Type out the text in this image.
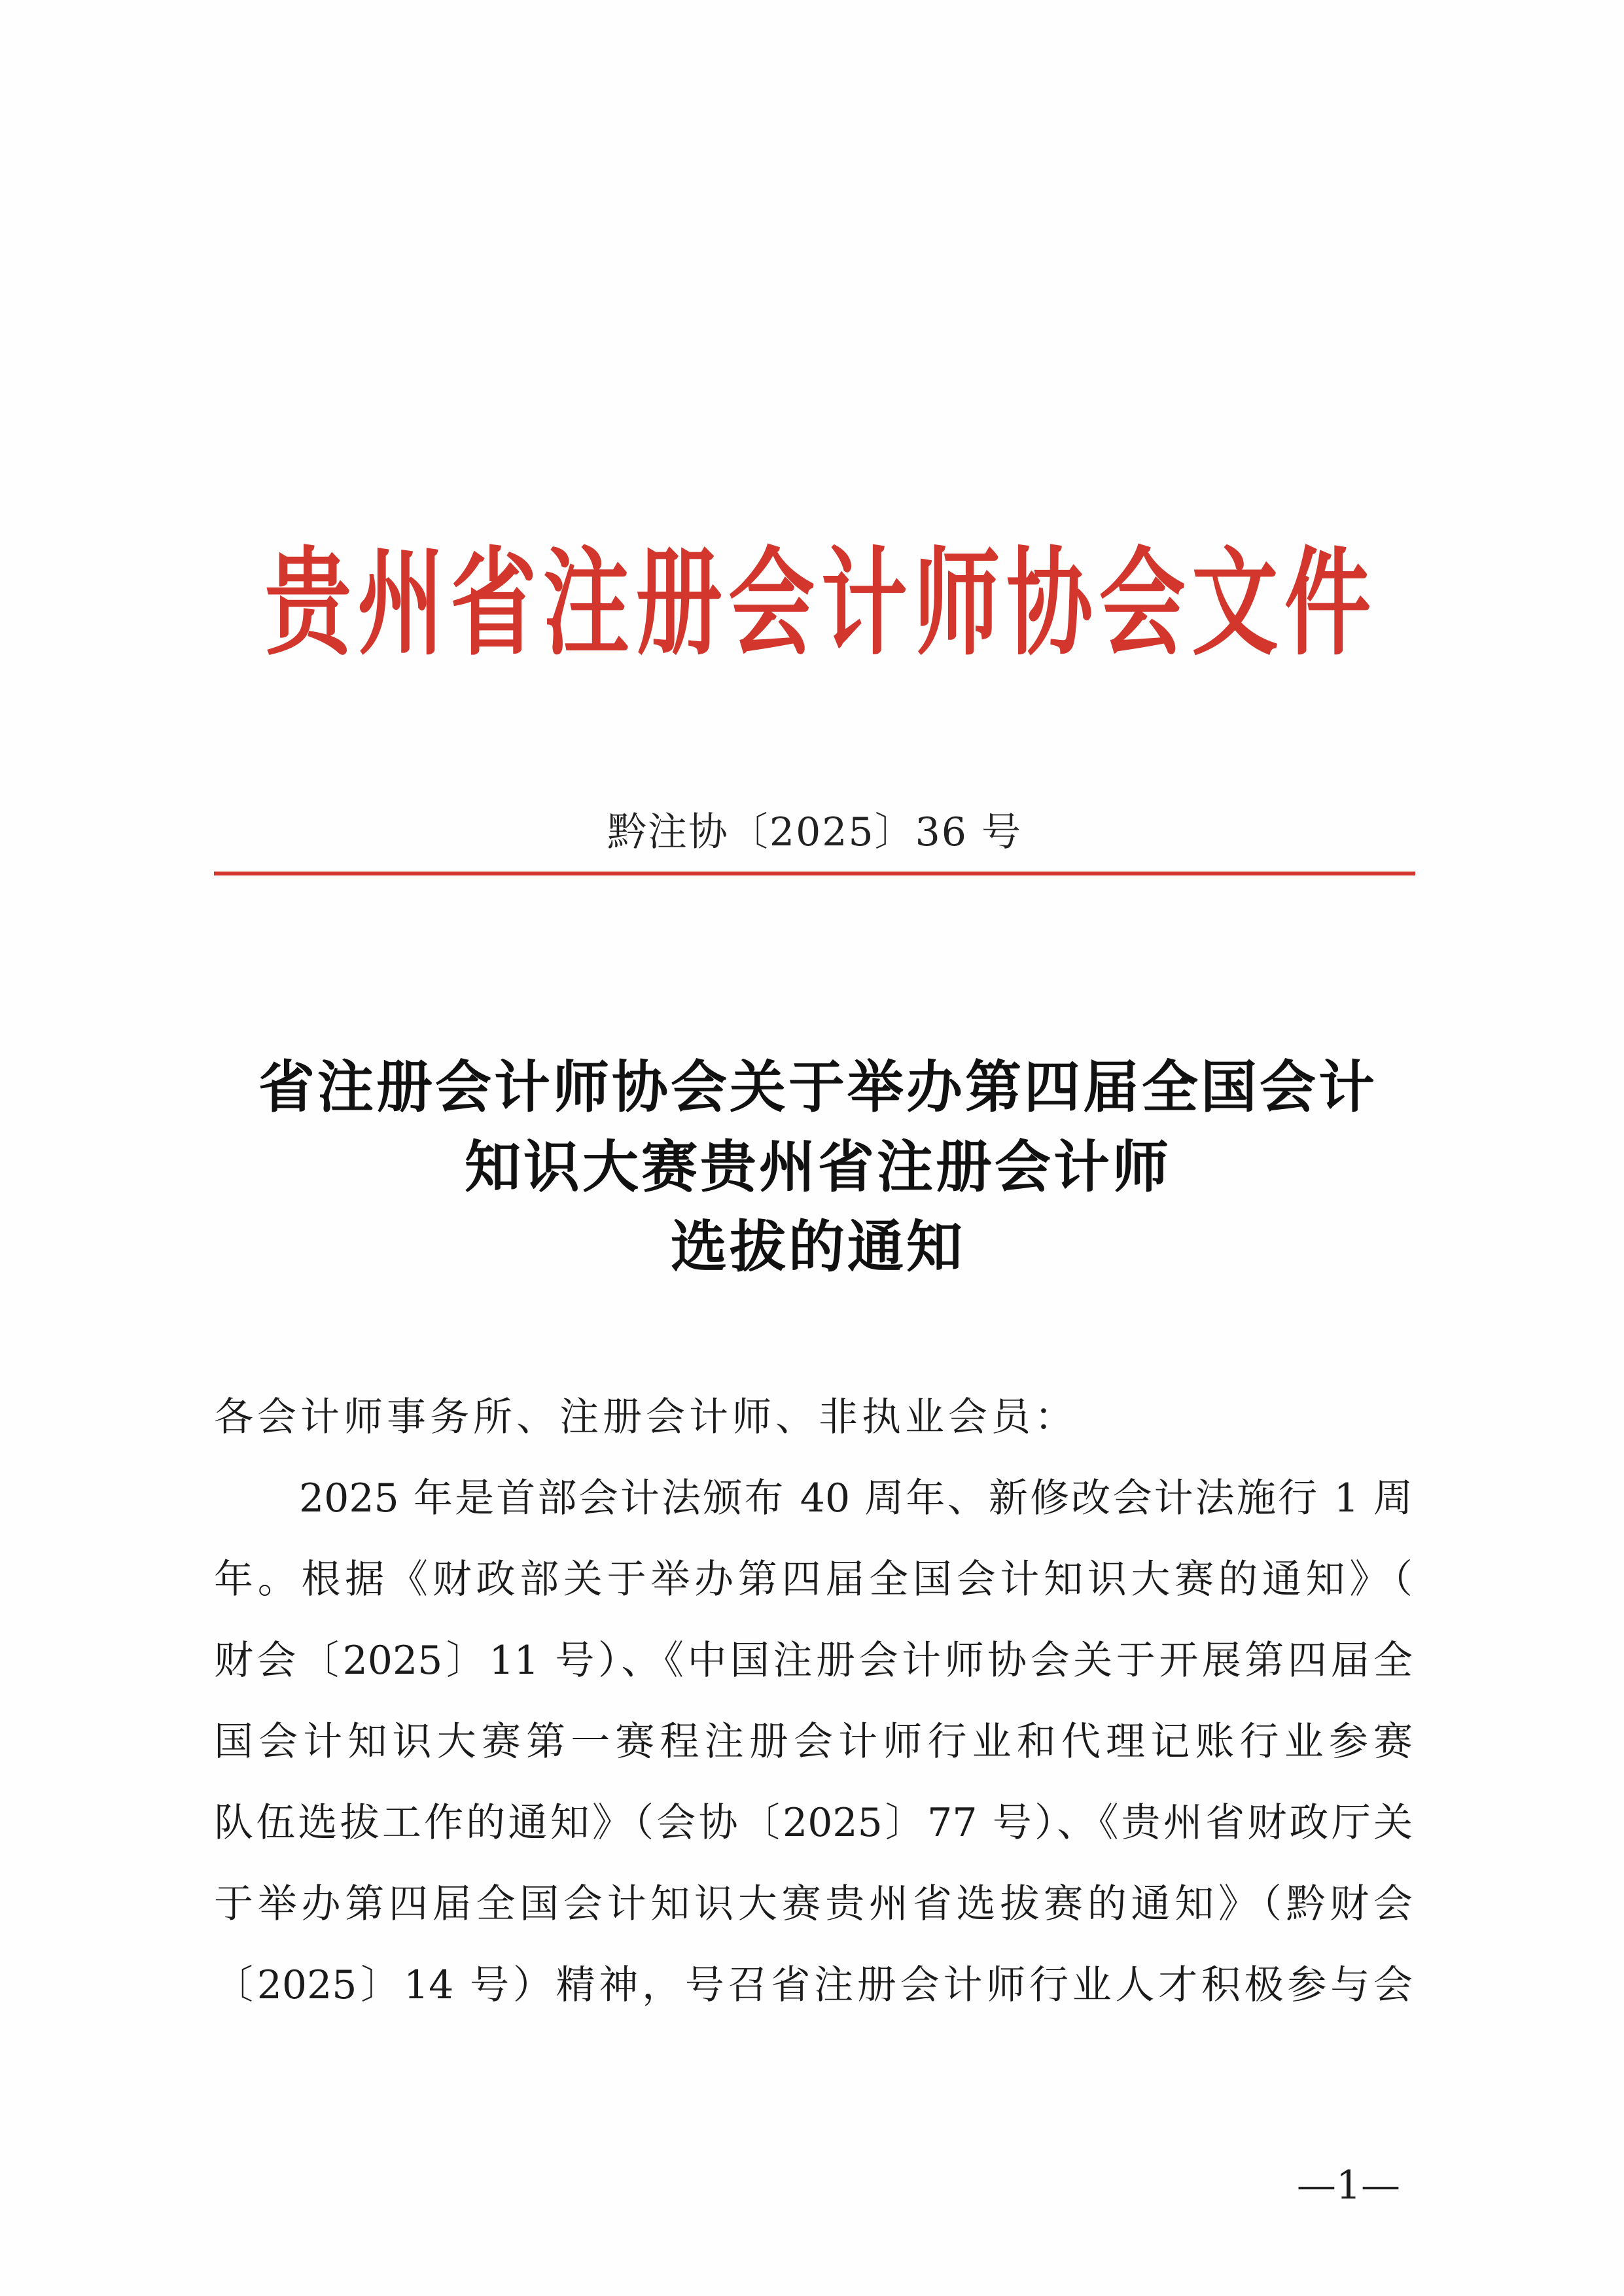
贵州省注册会计师协会文件
黔注协〔2025〕36 号
省注册会计师协会关于举办第四届全国会计
知识大赛贵州省注册会计师
选拔的通知
各会计师事务所、注册会计师、非执业会员：
2025 年是首部会计法颁布 40 周年、新修改会计法施行 1 周
年。根据《财政部关于举办第四届全国会计知识大赛的通知》（
财会〔2025〕11 号）、《中国注册会计师协会关于开展第四届全
国会计知识大赛第一赛程注册会计师行业和代理记账行业参赛
队伍选拔工作的通知》（会协〔2025〕77 号）、《贵州省财政厅关
于举办第四届全国会计知识大赛贵州省选拔赛的通知》（黔财会
〔2025〕14 号）精神，号召省注册会计师行业人才积极参与会
—1—
